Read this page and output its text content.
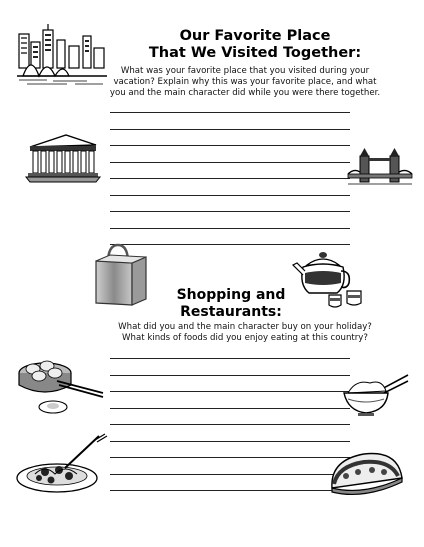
Our Favorite Place
That We Visited Together:
What was your favorite place that you visited during your
vacation? Explain why this was your favorite place, and what
you and the main character did while you were there together.
Shopping and
Restaurants:
What did you and the main character buy on your holiday?
What kinds of foods did you enjoy eating at this country?
